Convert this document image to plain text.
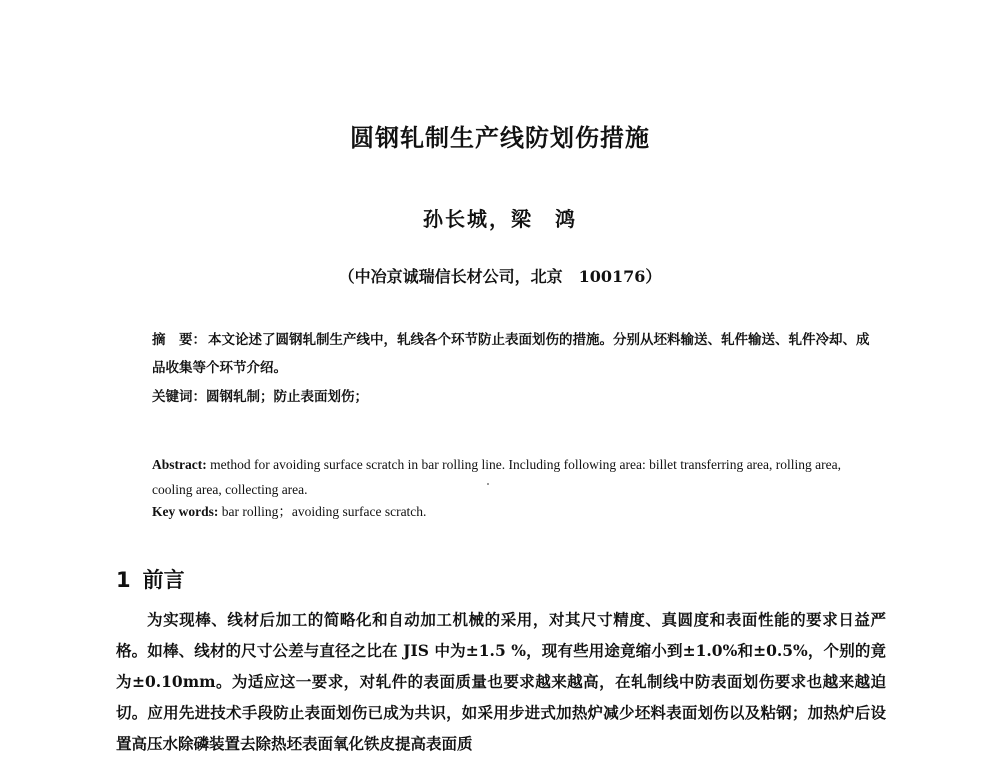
圆钢轧制生产线防划伤措施
孙长城，梁　鸿
（中冶京诚瑞信长材公司，北京　100176）
摘　要： 本文论述了圆钢轧制生产线中，轧线各个环节防止表面划伤的措施。分别从坯料输送、轧件输送、轧件冷却、成品收集等个环节介绍。
关键词：圆钢轧制；防止表面划伤；
Abstract: method for avoiding surface scratch in bar rolling line. Including following area: billet transferring area, rolling area, cooling area, collecting area.
Key words: bar rolling；avoiding surface scratch.
1 前言

为实现棒、线材后加工的简略化和自动加工机械的采用，对其尺寸精度、真圆度和表面性能的要求日益严格。如棒、线材的尺寸公差与直径之比在 JIS 中为±1.5 %，现有些用途竟缩小到±1.0%和±0.5%，个别的竟为±0.10mm。为适应这一要求，对轧件的表面质量也要求越来越高，在轧制线中防表面划伤要求也越来越迫切。应用先进技术手段防止表面划伤已成为共识，如采用步进式加热炉减少坯料表面划伤以及粘钢；加热炉后设置高压水除磷装置去除热坯表面氧化铁皮提高表面质
